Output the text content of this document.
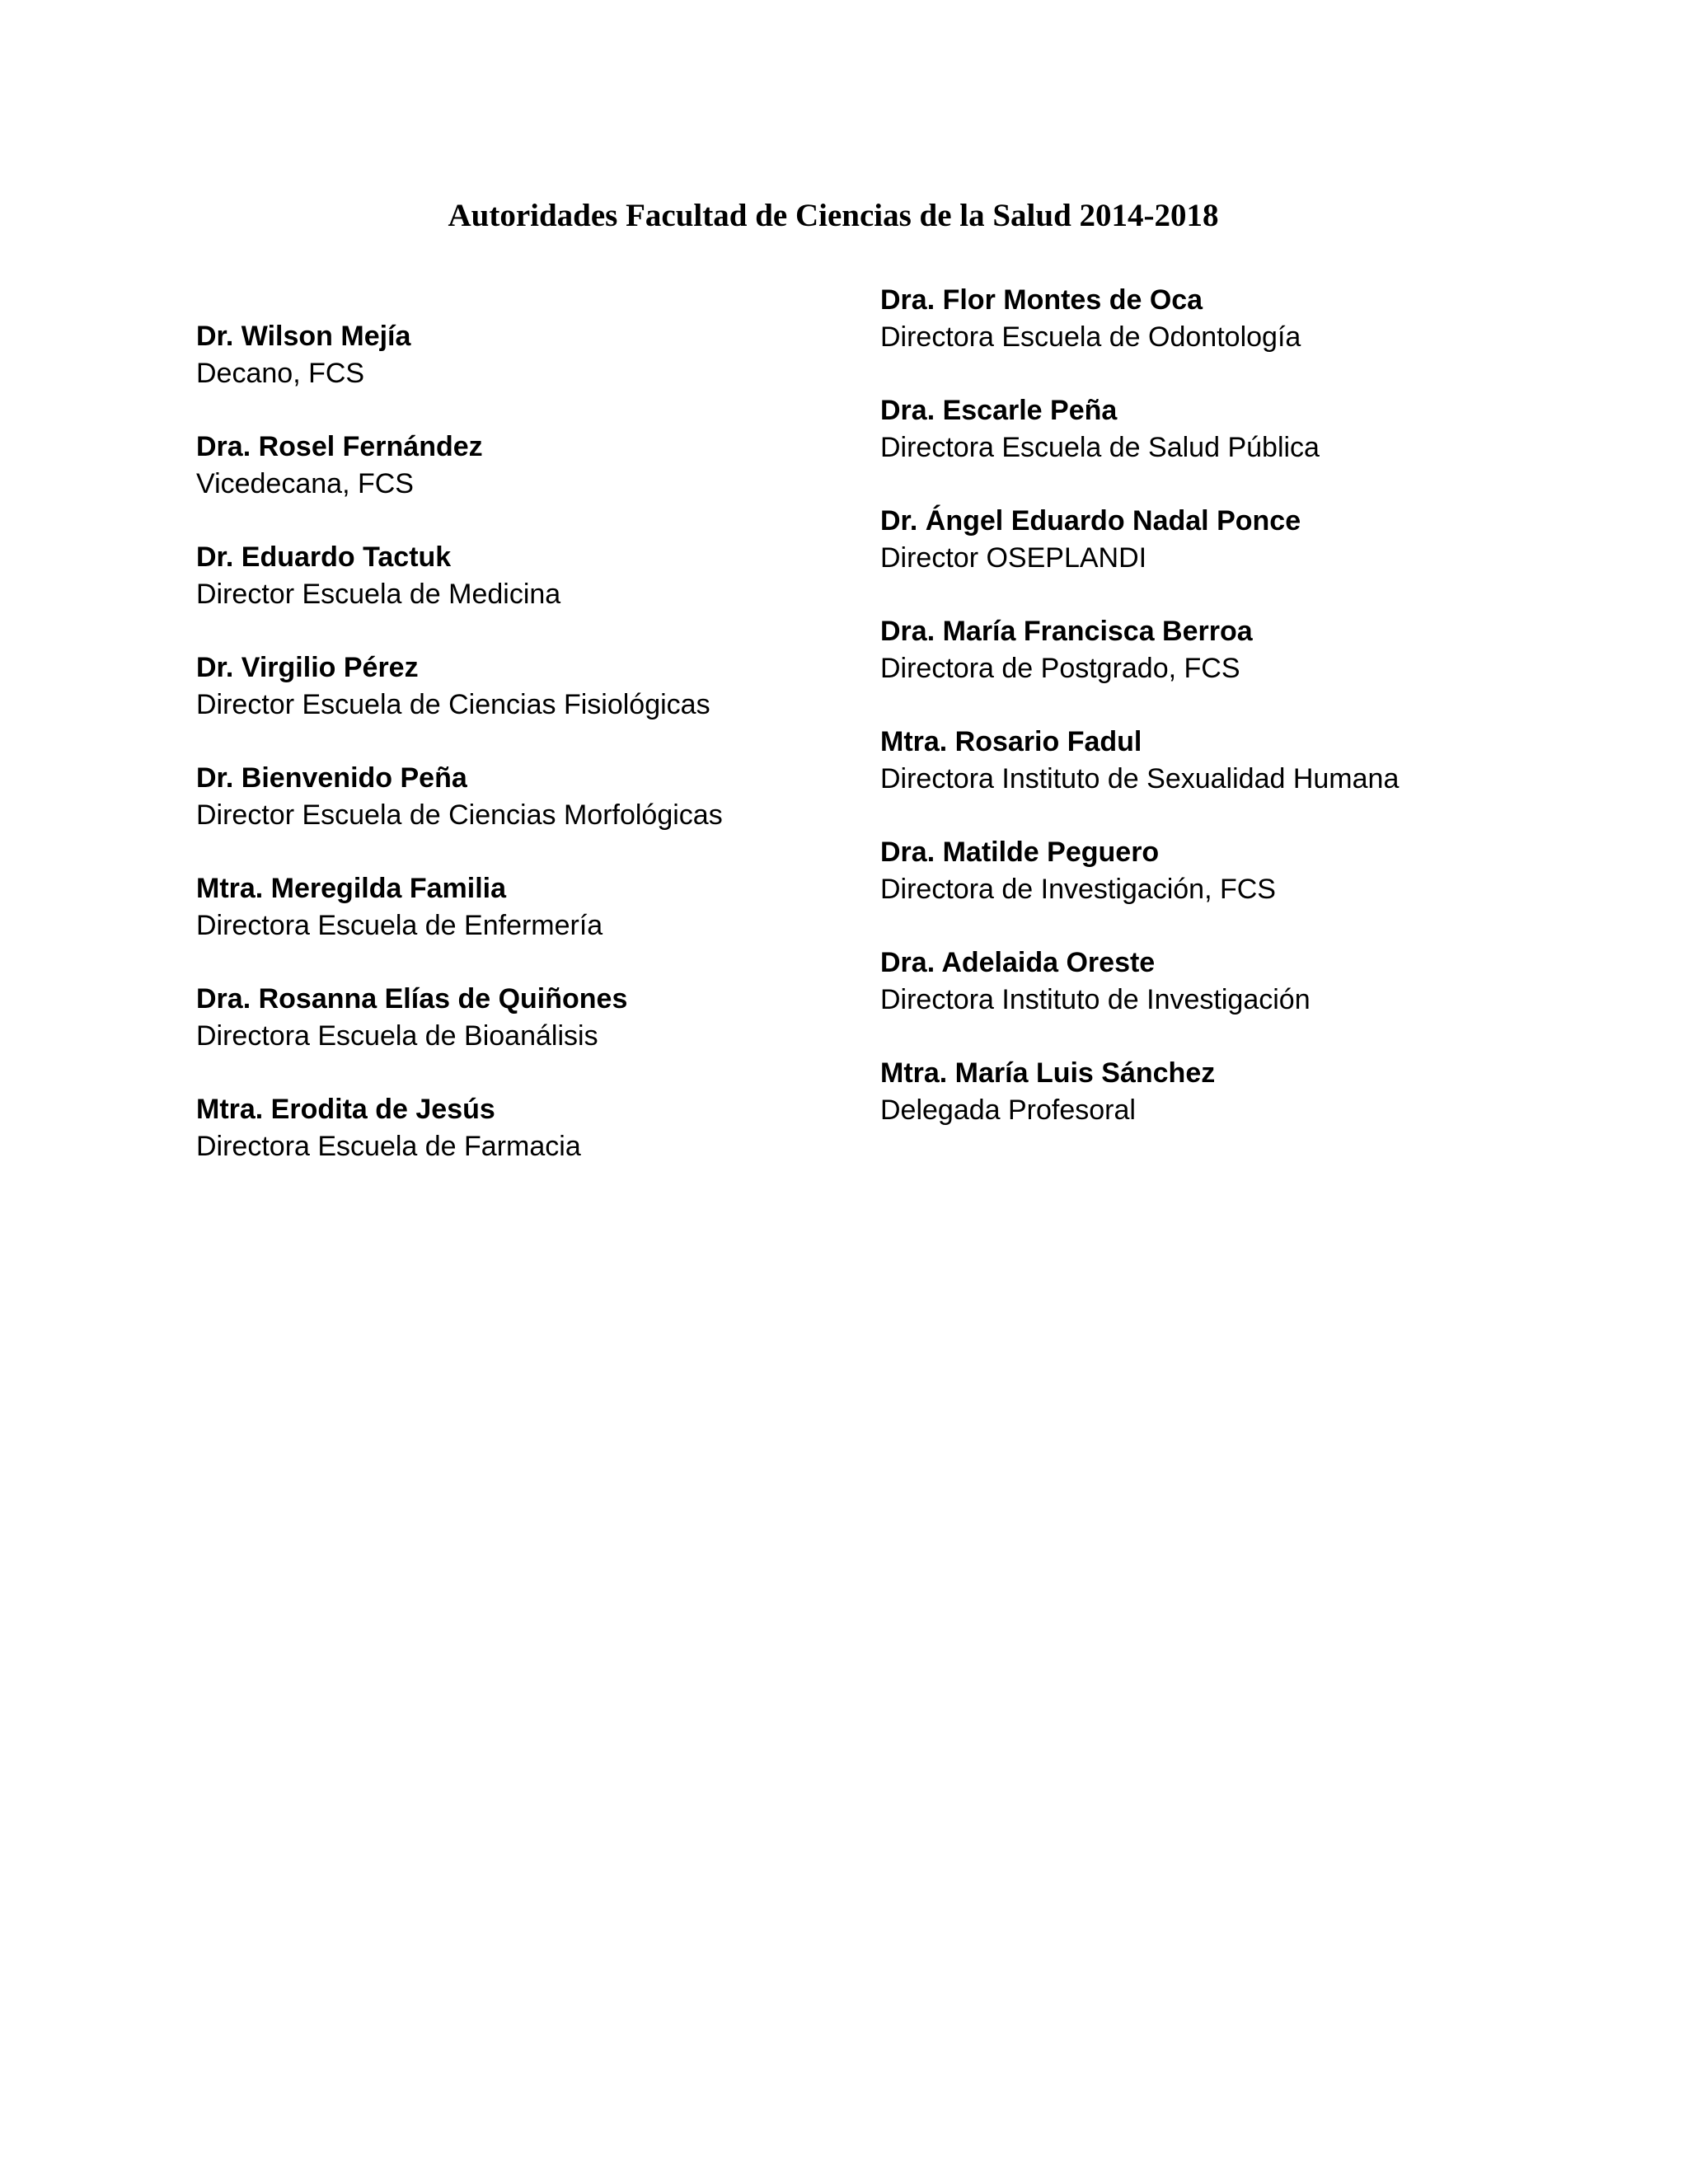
Autoridades Facultad de Ciencias de la Salud 2014-2018
Dr. Wilson Mejía
Decano, FCS
Dra. Rosel Fernández
Vicedecana, FCS
Dr. Eduardo Tactuk
Director Escuela de Medicina
Dr. Virgilio Pérez
Director Escuela de Ciencias Fisiológicas
Dr. Bienvenido Peña
Director Escuela de Ciencias Morfológicas
Mtra. Meregilda Familia
Directora Escuela de Enfermería
Dra. Rosanna Elías de Quiñones
Directora Escuela de Bioanálisis
Mtra. Erodita de Jesús
Directora Escuela de Farmacia
Dra. Flor Montes de Oca
Directora Escuela de Odontología
Dra. Escarle Peña
Directora Escuela de Salud Pública
Dr. Ángel Eduardo Nadal Ponce
Director OSEPLANDI
Dra. María Francisca Berroa
Directora de Postgrado, FCS
Mtra. Rosario Fadul
Directora Instituto de Sexualidad Humana
Dra. Matilde Peguero
Directora de Investigación, FCS
Dra. Adelaida Oreste
Directora Instituto de Investigación
Mtra. María Luis Sánchez
Delegada Profesoral
